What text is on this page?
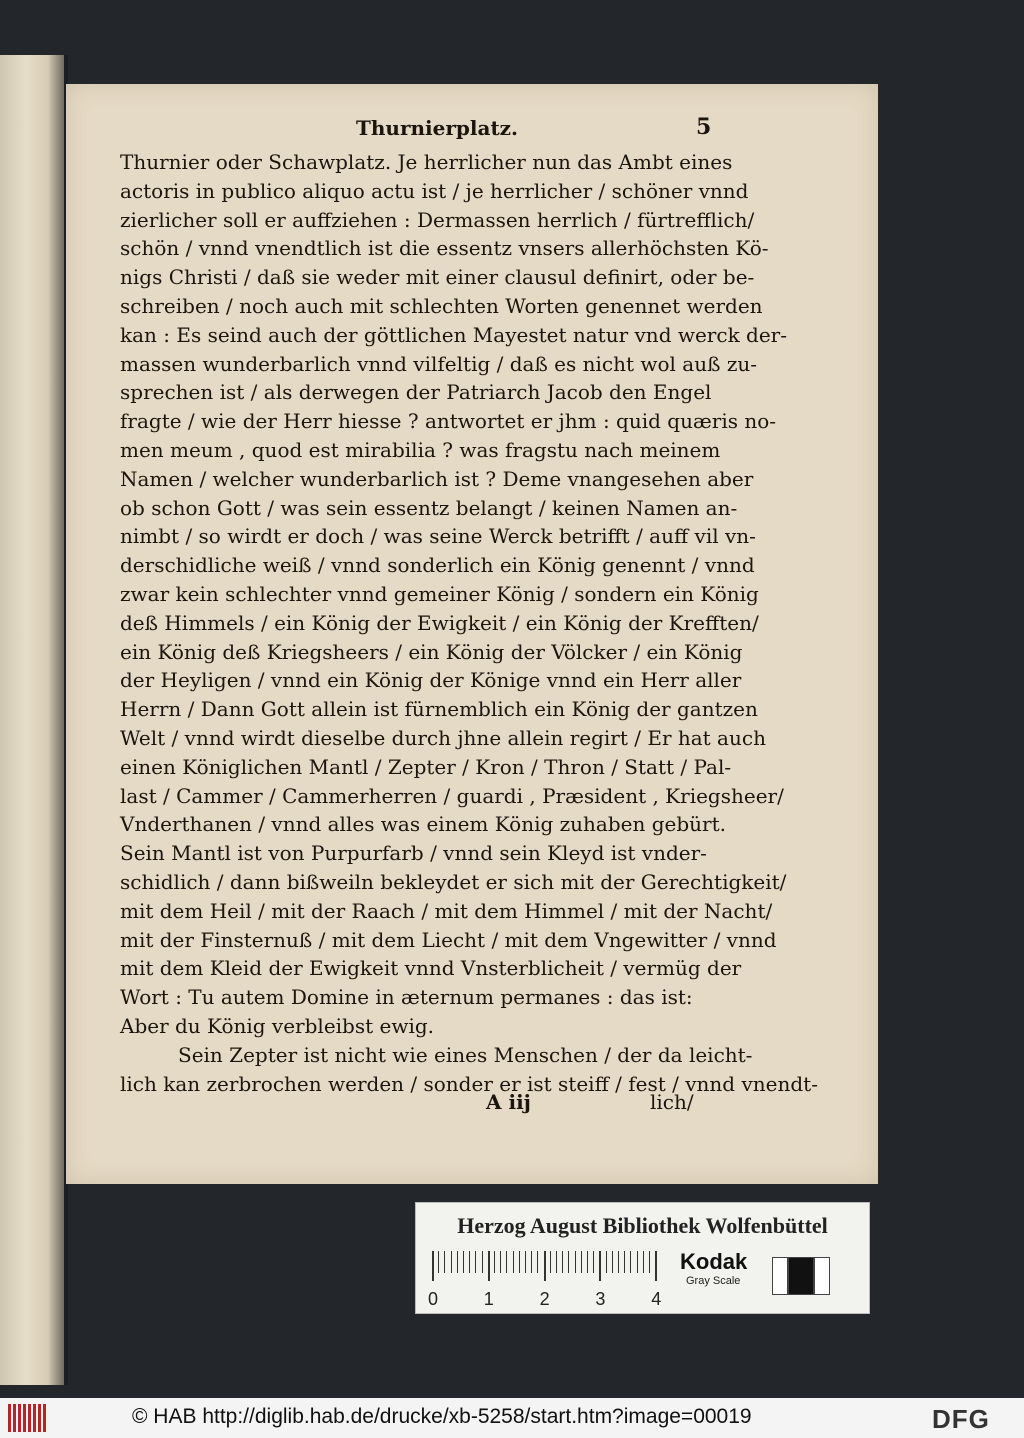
Thurnierplatz.	5
Thurnier oder Schawplatz. Je herrlicher nun das Ambt eines
actoris in publico aliquo actu ist / je herrlicher / schöner vnnd
zierlicher soll er auffziehen : Dermassen herrlich / fürtrefflich/
schön / vnnd vnendtlich ist die essentz vnsers allerhöchsten Kö-
nigs Christi / daß sie weder mit einer clausul definirt, oder be-
schreiben / noch auch mit schlechten Worten genennet werden
kan : Es seind auch der göttlichen Mayestet natur vnd werck der-
massen wunderbarlich vnnd vilfeltig / daß es nicht wol auß zu-
sprechen ist / als derwegen der Patriarch Jacob den Engel
fragte / wie der Herr hiesse ? antwortet er jhm : quid quæris no-
men meum , quod est mirabilia ? was fragstu nach meinem
Namen / welcher wunderbarlich ist ? Deme vnangesehen aber
ob schon Gott / was sein essentz belangt / keinen Namen an-
nimbt / so wirdt er doch / was seine Werck betrifft / auff vil vn-
derschidliche weiß / vnnd sonderlich ein König genennt / vnnd
zwar kein schlechter vnnd gemeiner König / sondern ein König
deß Himmels / ein König der Ewigkeit / ein König der Krefften/
ein König deß Kriegsheers / ein König der Völcker / ein König
der Heyligen / vnnd ein König der Könige vnnd ein Herr aller
Herrn / Dann Gott allein ist fürnemblich ein König der gantzen
Welt / vnnd wirdt dieselbe durch jhne allein regirt / Er hat auch
einen Königlichen Mantl / Zepter / Kron / Thron / Statt / Pal-
last / Cammer / Cammerherren / guardi , Præsident , Kriegsheer/
Vnderthanen / vnnd alles was einem König zuhaben gebürt.
Sein Mantl ist von Purpurfarb / vnnd sein Kleyd ist vnder-
schidlich / dann bißweiln bekleydet er sich mit der Gerechtigkeit/
mit dem Heil / mit der Raach / mit dem Himmel / mit der Nacht/
mit der Finsternuß / mit dem Liecht / mit dem Vngewitter / vnnd
mit dem Kleid der Ewigkeit vnnd Vnsterblicheit / vermüg der
Wort : Tu autem Domine in æternum permanes : das ist:
Aber du König verbleibst ewig.
Sein Zepter ist nicht wie eines Menschen / der da leicht-
lich kan zerbrochen werden / sonder er ist steiff / fest / vnnd vnendt-
A iij	lich/
Herzog August Bibliothek Wolfenbüttel
0	1	2	3	4
Kodak
Gray Scale
© HAB http://diglib.hab.de/drucke/xb-5258/start.htm?image=00019	DFG
